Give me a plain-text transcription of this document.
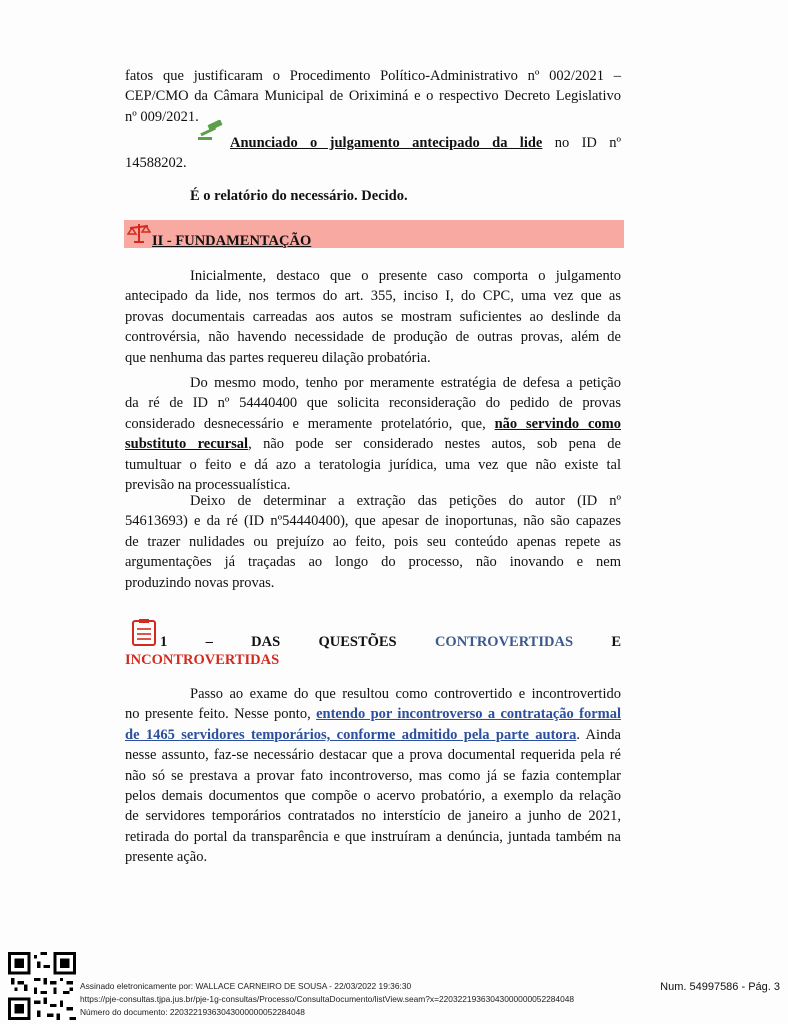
fatos que justificaram o Procedimento Político-Administrativo nº 002/2021 –
CEP/CMO da Câmara Municipal de Oriximiná e o respectivo Decreto Legislativo
nº 009/2021.
Anunciado o julgamento antecipado da lide no ID nº
14588202.
É o relatório do necessário. Decido.
II - FUNDAMENTAÇÃO
Inicialmente, destaco que o presente caso comporta o julgamento
antecipado da lide, nos termos do art. 355, inciso I, do CPC, uma vez que as
provas documentais carreadas aos autos se mostram suficientes ao deslinde da
controvérsia, não havendo necessidade de produção de outras provas, além de
que nenhuma das partes requereu dilação probatória.
Do mesmo modo, tenho por meramente estratégia de defesa a petição
da ré de ID nº 54440400 que solicita reconsideração do pedido de provas
considerado desnecessário e meramente protelatório, que, não servindo como
substituto recursal, não pode ser considerado nestes autos, sob pena de
tumultuar o feito e dá azo a teratologia jurídica, uma vez que não existe tal
previsão na processualística.
Deixo de determinar a extração das petições do autor (ID nº
54613693) e da ré (ID nº54440400), que apesar de inoportunas, não são capazes
de trazer nulidades ou prejuízo ao feito, pois seu conteúdo apenas repete as
argumentações já traçadas ao longo do processo, não inovando e nem
produzindo novas provas.
1	–	DAS	QUESTÕES	CONTROVERTIDAS	E
INCONTROVERTIDAS
Passo ao exame do que resultou como controvertido e incontrovertido
no presente feito. Nesse ponto, entendo por incontroverso a contratação formal
de 1465 servidores temporários, conforme admitido pela parte autora. Ainda
nesse assunto, faz-se necessário destacar que a prova documental requerida pela ré
não só se prestava a provar fato incontroverso, mas como já se fazia contemplar
pelos demais documentos que compõe o acervo probatório, a exemplo da relação
de servidores temporários contratados no interstício de janeiro a junho de 2021,
retirada do portal da transparência e que instruíram a denúncia, juntada também na
presente ação.
Assinado eletronicamente por: WALLACE CARNEIRO DE SOUSA - 22/03/2022 19:36:30
https://pje-consultas.tjpa.jus.br/pje-1g-consultas/Processo/ConsultaDocumento/listView.seam?x=22032219363043000000052284048
Número do documento: 22032219363043000000052284048
Num. 54997586 - Pág. 3
